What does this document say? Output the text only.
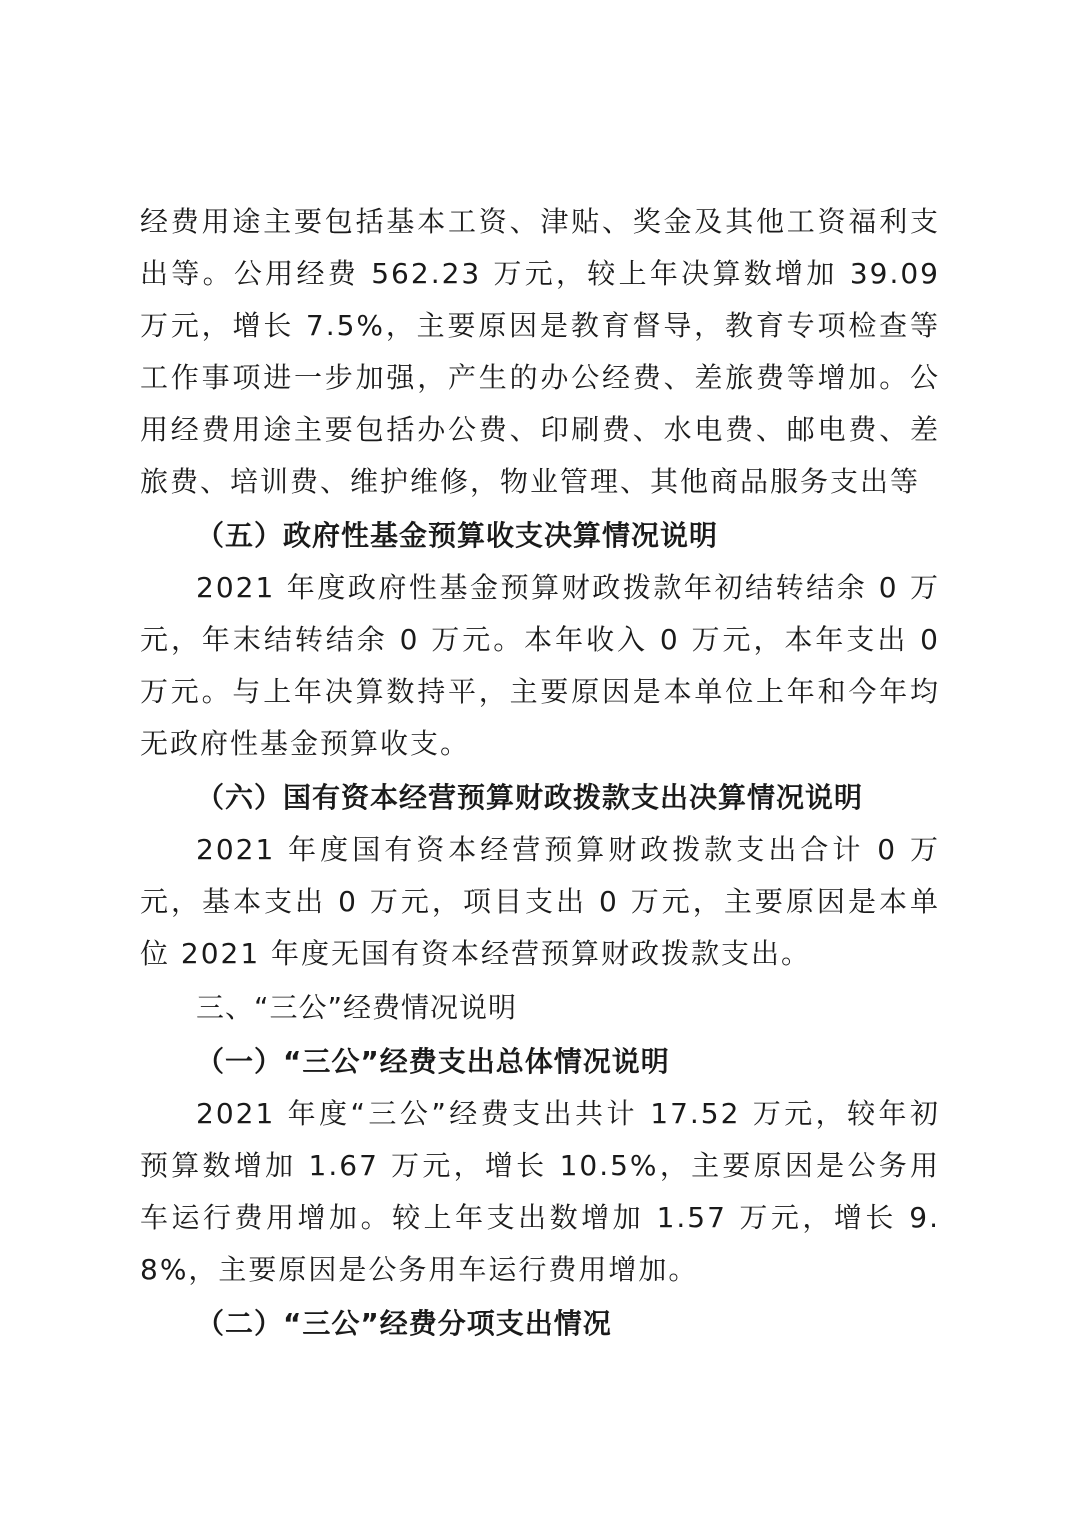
经费用途主要包括基本工资、津贴、奖金及其他工资福利支出等。公用经费 562.23 万元，较上年决算数增加 39.09 万元，增长 7.5%，主要原因是教育督导，教育专项检查等工作事项进一步加强，产生的办公经费、差旅费等增加。公用经费用途主要包括办公费、印刷费、水电费、邮电费、差旅费、培训费、维护维修，物业管理、其他商品服务支出等

（五）政府性基金预算收支决算情况说明

2021 年度政府性基金预算财政拨款年初结转结余 0 万元，年末结转结余 0 万元。本年收入 0 万元，本年支出 0 万元。与上年决算数持平，主要原因是本单位上年和今年均无政府性基金预算收支。

（六）国有资本经营预算财政拨款支出决算情况说明

2021 年度国有资本经营预算财政拨款支出合计 0 万元，基本支出 0 万元，项目支出 0 万元，主要原因是本单位 2021 年度无国有资本经营预算财政拨款支出。

三、“三公”经费情况说明

（一）“三公”经费支出总体情况说明

2021 年度“三公”经费支出共计 17.52 万元，较年初预算数增加 1.67 万元，增长 10.5%，主要原因是公务用车运行费用增加。较上年支出数增加 1.57 万元，增长 9.8%，主要原因是公务用车运行费用增加。

（二）“三公”经费分项支出情况
